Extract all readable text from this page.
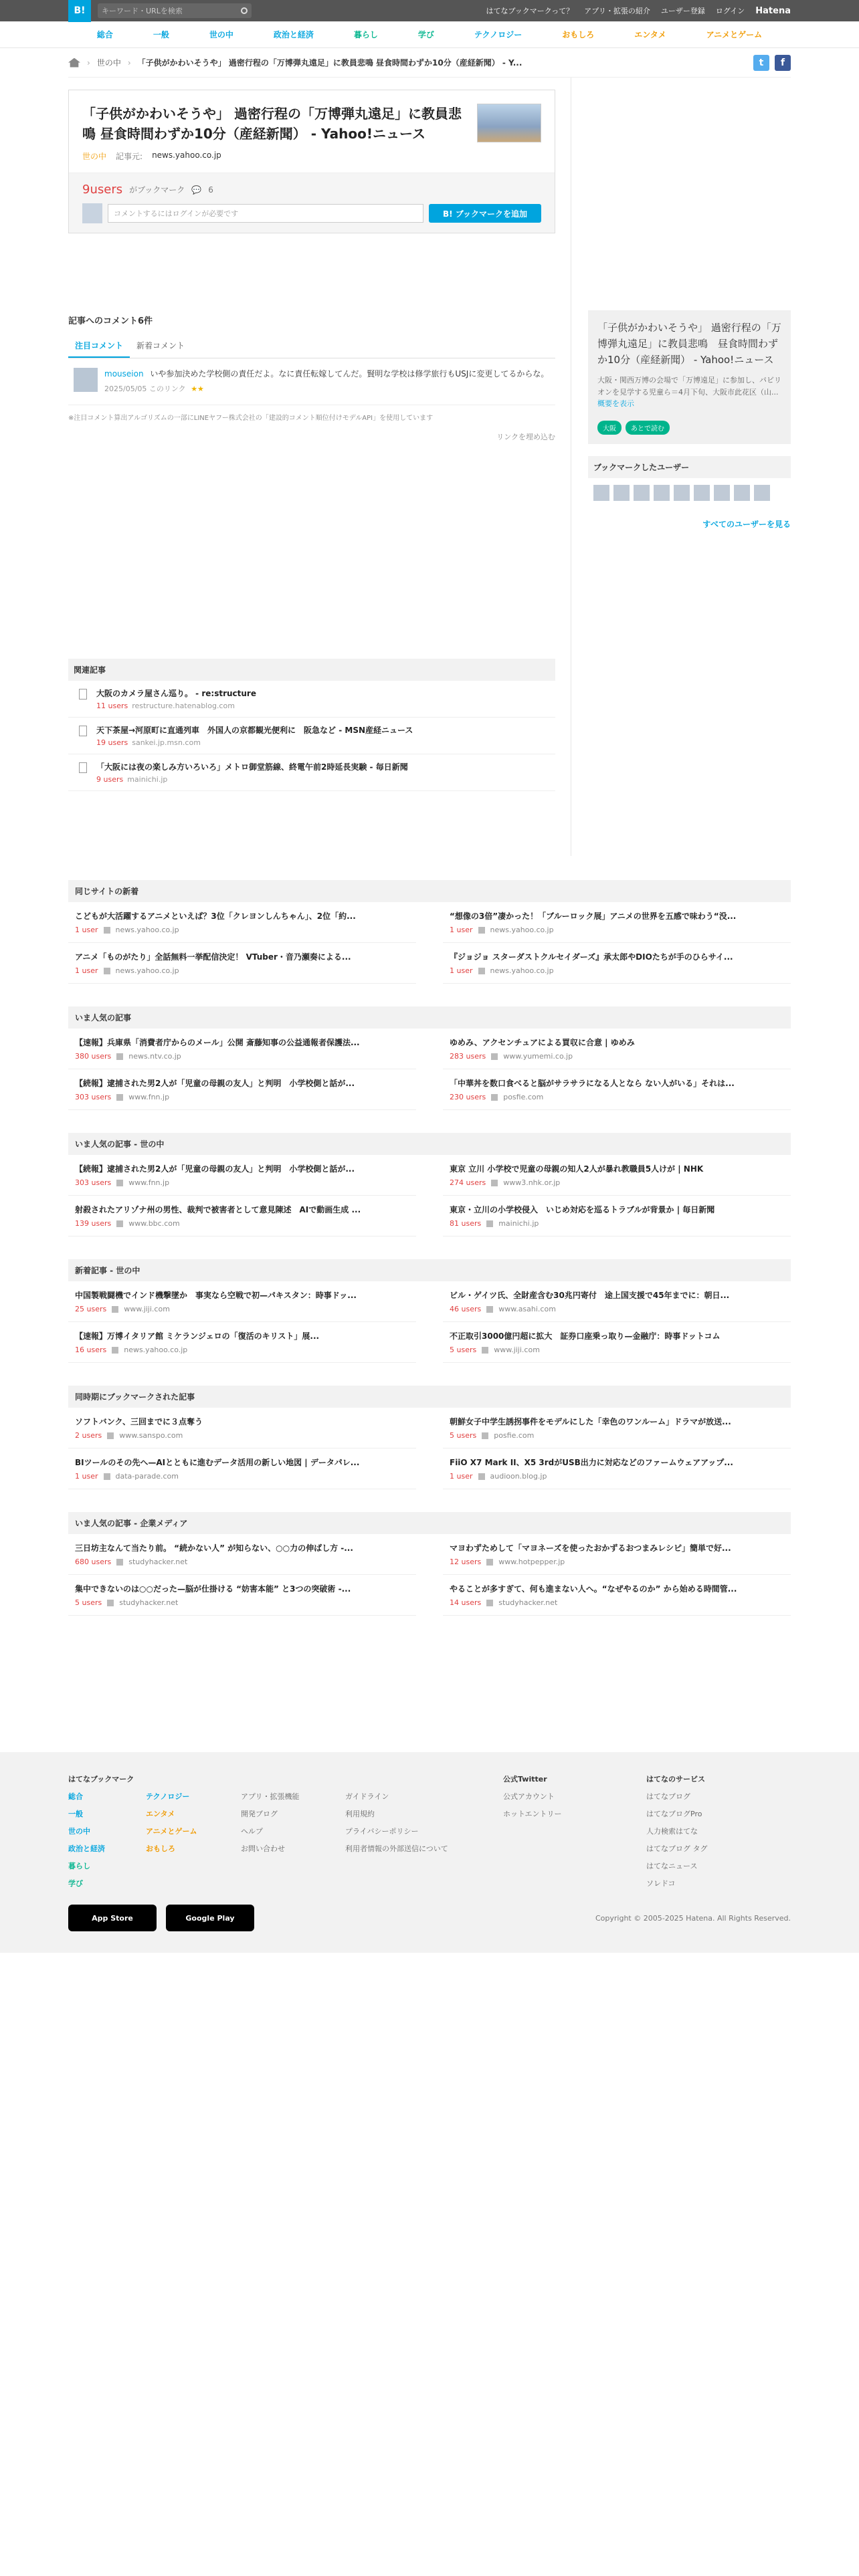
B!	キーワード・URLを検索	はてなブックマークって？ アプリ・拡張の紹介 ユーザー登録 ログイン Hatena
総合	一般	世の中	政治と経済	暮らし	学び	テクノロジー	おもしろ	エンタメ	アニメとゲーム
› 世の中 › 「子供がかわいそうや」 過密行程の「万博弾丸遠足」に教員悲鳴 昼食時間わずか10分（産経新聞） - Y...	t	f
「子供がかわいそうや」 過密行程の「万博弾丸遠足」に教員悲鳴 昼食時間わずか10分（産経新聞） - Yahoo!ニュース
世の中 記事元: news.yahoo.co.jp
9users がブックマーク 💬 6
コメントするにはログインが必要です	B! ブックマークを追加
記事へのコメント6件
注目コメント	新着コメント
mouseion いや参加決めた学校側の責任だよ。なに責任転嫁してんだ。賢明な学校は修学旅行もUSJに変更してるからな。
2025/05/05 このリンク ★★
※注目コメント算出アルゴリズムの一部にLINEヤフー株式会社の「建設的コメント順位付けモデルAPI」を使用しています
リンクを埋め込む
関連記事
大阪のカメラ屋さん巡り。 - re:structure
11 users restructure.hatenablog.com
天下茶屋→河原町に直通列車　外国人の京都観光便利に　阪急など - MSN産経ニュース
19 users sankei.jp.msn.com
「大阪には夜の楽しみ方いろいろ」メトロ御堂筋線、終電午前2時延長実験 - 毎日新聞
9 users mainichi.jp
「子供がかわいそうや」 過密行程の「万博弾丸遠足」に教員悲鳴　昼食時間わずか10分（産経新聞） - Yahoo!ニュース
大阪・関西万博の会場で「万博遠足」に参加し、パビリオンを見学する児童ら＝4月下旬、大阪市此花区（山... 概要を表示
大阪	あとで読む
ブックマークしたユーザー
すべてのユーザーを見る
同じサイトの新着
こどもが大活躍するアニメといえば？3位「クレヨンしんちゃん」、2位「約...
1 user news.yahoo.co.jp
“想像の3倍”凄かった！「ブルーロック展」アニメの世界を五感で味わう“没...
1 user news.yahoo.co.jp
アニメ「ものがたり」全話無料一挙配信決定！ VTuber・音乃瀬奏による...
1 user news.yahoo.co.jp
『ジョジョ スターダストクルセイダーズ』承太郎やDIOたちが手のひらサイ...
1 user news.yahoo.co.jp
いま人気の記事
【速報】兵庫県「消費者庁からのメール」公開 斎藤知事の公益通報者保護法...
380 users news.ntv.co.jp
ゆめみ、アクセンチュアによる買収に合意 | ゆめみ
283 users www.yumemi.co.jp
【続報】逮捕された男2人が「児童の母親の友人」と判明　小学校側と話が...
303 users www.fnn.jp
「中華丼を数口食べると脳がサラサラになる人となら ない人がいる」それは...
230 users posfie.com
いま人気の記事 - 世の中
【続報】逮捕された男2人が「児童の母親の友人」と判明　小学校側と話が...
303 users www.fnn.jp
東京 立川 小学校で児童の母親の知人2人が暴れ教職員5人けが | NHK
274 users www3.nhk.or.jp
射殺されたアリゾナ州の男性、裁判で被害者として意見陳述　AIで動画生成 ...
139 users www.bbc.com
東京・立川の小学校侵入　いじめ対応を巡るトラブルが背景か | 毎日新聞
81 users mainichi.jp
新着記事 - 世の中
中国製戦闘機でインド機撃墜か　事実なら空戦で初—パキスタン：時事ドッ...
25 users www.jiji.com
ビル・ゲイツ氏、全財産含む30兆円寄付　途上国支援で45年までに：朝日...
46 users www.asahi.com
【速報】万博イタリア館 ミケランジェロの「復活のキリスト」展...
16 users news.yahoo.co.jp
不正取引3000億円超に拡大　証券口座乗っ取り—金融庁：時事ドットコム
5 users www.jiji.com
同時期にブックマークされた記事
ソフトバンク、三回までに３点奪う
2 users www.sanspo.com
朝鮮女子中学生誘拐事件をモデルにした「幸色のワンルーム」ドラマが放送...
5 users posfie.com
BIツールのその先へ—AIとともに進むデータ活用の新しい地図 | データパレ...
1 user data-parade.com
FiiO X7 Mark II、X5 3rdがUSB出力に対応などのファームウェアアップ...
1 user audioon.blog.jp
いま人気の記事 - 企業メディア
三日坊主なんて当たり前。 “続かない人” が知らない、○○力の伸ばし方 -...
680 users studyhacker.net
マヨわずためして「マヨネーズを使ったおかずるおつまみレシピ」簡単で好...
12 users www.hotpepper.jp
集中できないのは○○だった—脳が仕掛ける “妨害本能” と3つの突破術 -...
5 users studyhacker.net
やることが多すぎて、何も進まない人へ。“なぜやるのか” から始める時間管...
14 users studyhacker.net
はてなブックマーク
総合
一般
世の中
政治と経済
暮らし
学び
テクノロジー
エンタメ
アニメとゲーム
おもしろ
アプリ・拡張機能
開発ブログ
ヘルプ
お問い合わせ
ガイドライン
利用規約
プライバシーポリシー
利用者情報の外部送信について
公式Twitter
公式アカウント
ホットエントリー
はてなのサービス
はてなブログ
はてなブログPro
人力検索はてな
はてなブログ タグ
はてなニュース
ソレドコ
App Store	Google Play	Copyright © 2005-2025 Hatena. All Rights Reserved.
